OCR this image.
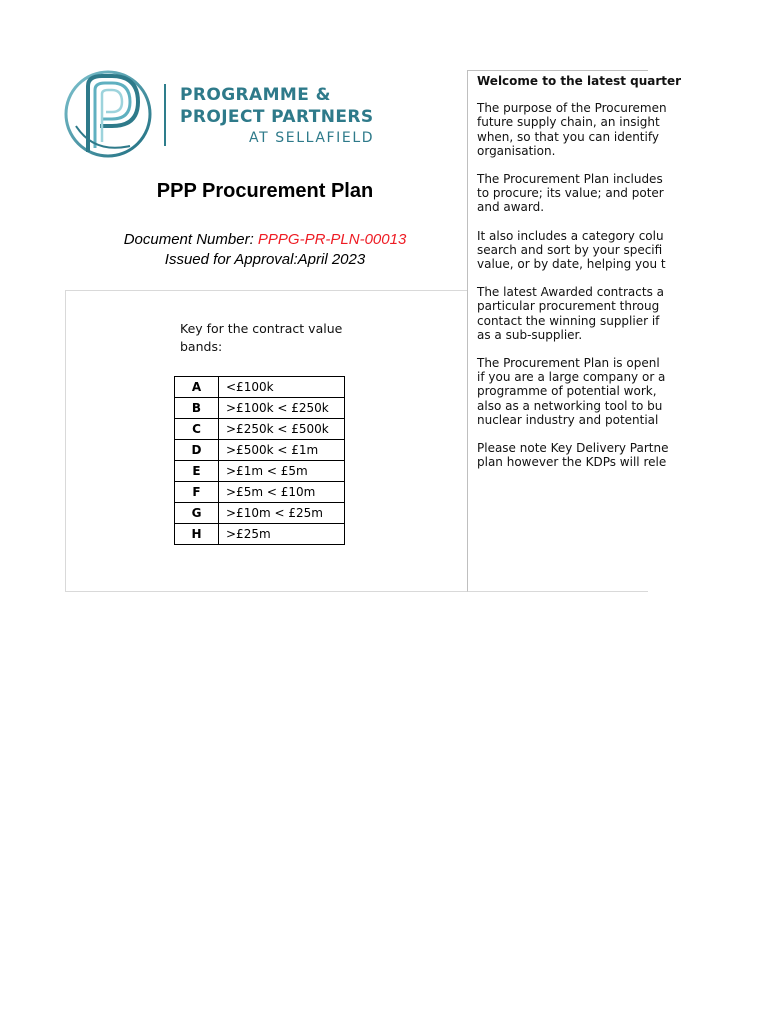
PROGRAMME &
PROJECT PARTNERS
AT SELLAFIELD
PPP Procurement Plan
Document Number: PPPG-PR-PLN-00013
Issued for Approval:April 2023
Key for the contract value
bands:
A	<£100k
B	>£100k < £250k
C	>£250k < £500k
D	>£500k < £1m
E	>£1m < £5m
F	>£5m < £10m
G	>£10m < £25m
H	>£25m

Welcome to the latest quarter

The purpose of the Procuremen
future supply chain, an insight
when, so that you can identify
organisation.

The Procurement Plan includes
to procure; its value; and poter
and award.

It also includes a category colu
search and sort by your specifi
value, or by date, helping you t

The latest Awarded contracts a
particular procurement throug
contact the winning supplier if
as a sub-supplier.

The Procurement Plan is openl
if you are a large company or a
programme of potential work,
also as a networking tool to bu
nuclear industry and potential

Please note Key Delivery Partne
plan however the KDPs will rele
